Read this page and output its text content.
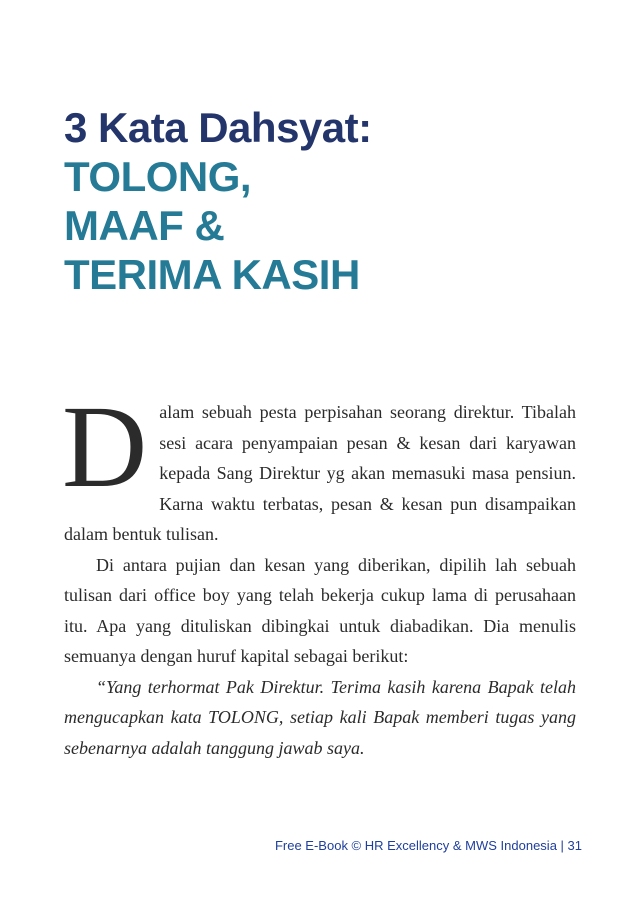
3 Kata Dahsyat:
TOLONG,
MAAF &
TERIMA KASIH

Dalam sebuah pesta perpisahan seorang direktur. Tibalah sesi acara penyampaian pesan & kesan dari karyawan kepada Sang Direktur yg akan memasuki masa pensiun. Karna waktu terbatas, pesan & kesan pun disampaikan dalam bentuk tulisan.

Di antara pujian dan kesan yang diberikan, dipilih lah sebuah tulisan dari office boy yang telah bekerja cukup lama di perusahaan itu. Apa yang dituliskan dibingkai untuk diabadikan. Dia menulis semuanya dengan huruf kapital sebagai berikut:

“Yang terhormat Pak Direktur. Terima kasih karena Bapak telah mengucapkan kata TOLONG, setiap kali Bapak memberi tugas yang sebenarnya adalah tanggung jawab saya.

Free E-Book © HR Excellency & MWS Indonesia | 31
